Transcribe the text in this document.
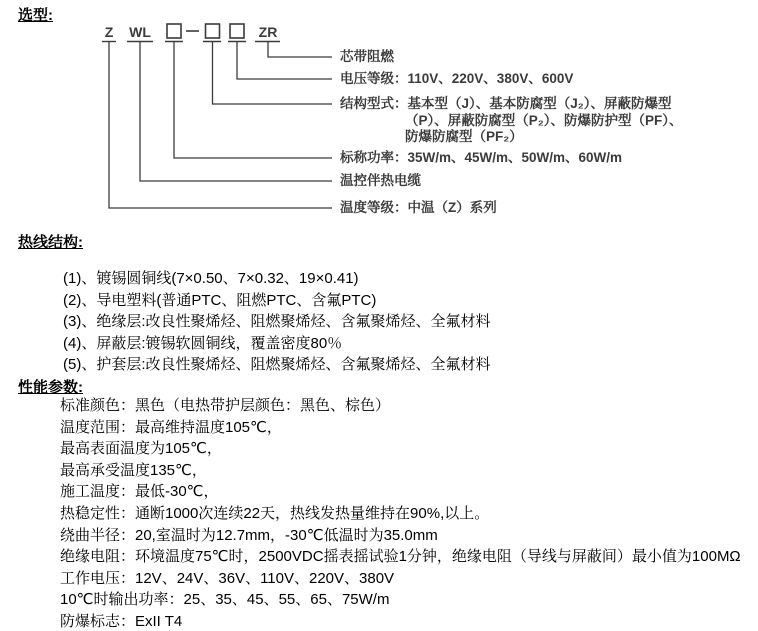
选型:
Z WL	ZR
芯带阻燃
电压等级：110V、220V、380V、600V
结构型式：基本型（J）、基本防腐型（J₂）、屏蔽防爆型
（P）、屏蔽防腐型（P₂）、防爆防护型（PF）、
防爆防腐型（PF₂）
标称功率：35W/m、45W/m、50W/m、60W/m
温控伴热电缆
温度等级：中温（Z）系列
热线结构:
(1)、镀锡圆铜线(7×0.50、7×0.32、19×0.41)
(2)、导电塑料(普通PTC、阻燃PTC、含氟PTC)
(3)、绝缘层:改良性聚烯烃、阻燃聚烯烃、含氟聚烯烃、全氟材料
(4)、屏蔽层:镀锡软圆铜线，覆盖密度80％
(5)、护套层:改良性聚烯烃、阻燃聚烯烃、含氟聚烯烃、全氟材料
性能参数:
标准颜色：黑色（电热带护层颜色：黑色、棕色）
温度范围：最高维持温度105℃，
最高表面温度为105℃，
最高承受温度135℃，
施工温度：最低-30℃，
热稳定性：通断1000次连续22天，热线发热量维持在90%,以上。
绕曲半径：20,室温时为12.7mm，-30℃低温时为35.0mm
绝缘电阻：环境温度75℃时，2500VDC摇表摇试验1分钟，绝缘电阻（导线与屏蔽间）最小值为100MΩ
工作电压：12V、24V、36V、110V、220V、380V
10℃时输出功率：25、35、45、55、65、75W/m
防爆标志：ExII T4
